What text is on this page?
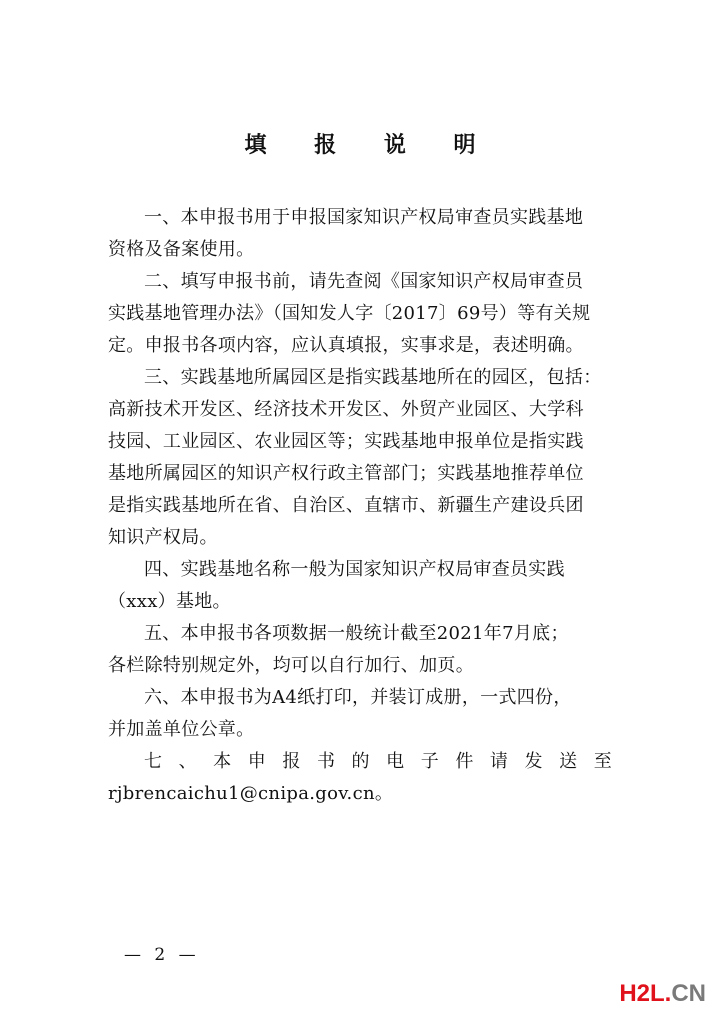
填 报 说 明

一、本申报书用于申报国家知识产权局审查员实践基地
资格及备案使用。

二、填写申报书前，请先查阅《国家知识产权局审查员
实践基地管理办法》（国知发人字〔2017〕69号）等有关规
定。申报书各项内容，应认真填报，实事求是，表述明确。

三、实践基地所属园区是指实践基地所在的园区，包括：
高新技术开发区、经济技术开发区、外贸产业园区、大学科
技园、工业园区、农业园区等；实践基地申报单位是指实践
基地所属园区的知识产权行政主管部门；实践基地推荐单位
是指实践基地所在省、自治区、直辖市、新疆生产建设兵团
知识产权局。

四、实践基地名称一般为国家知识产权局审查员实践
（xxx）基地。

五、本申报书各项数据一般统计截至2021年7月底；
各栏除特别规定外，均可以自行加行、加页。

六、本申报书为A4纸打印，并装订成册，一式四份，
并加盖单位公章。

七、本申报书的电子件请发送至
rjbrencaichu1@cnipa.gov.cn。

— 2 —
H2L.CN
